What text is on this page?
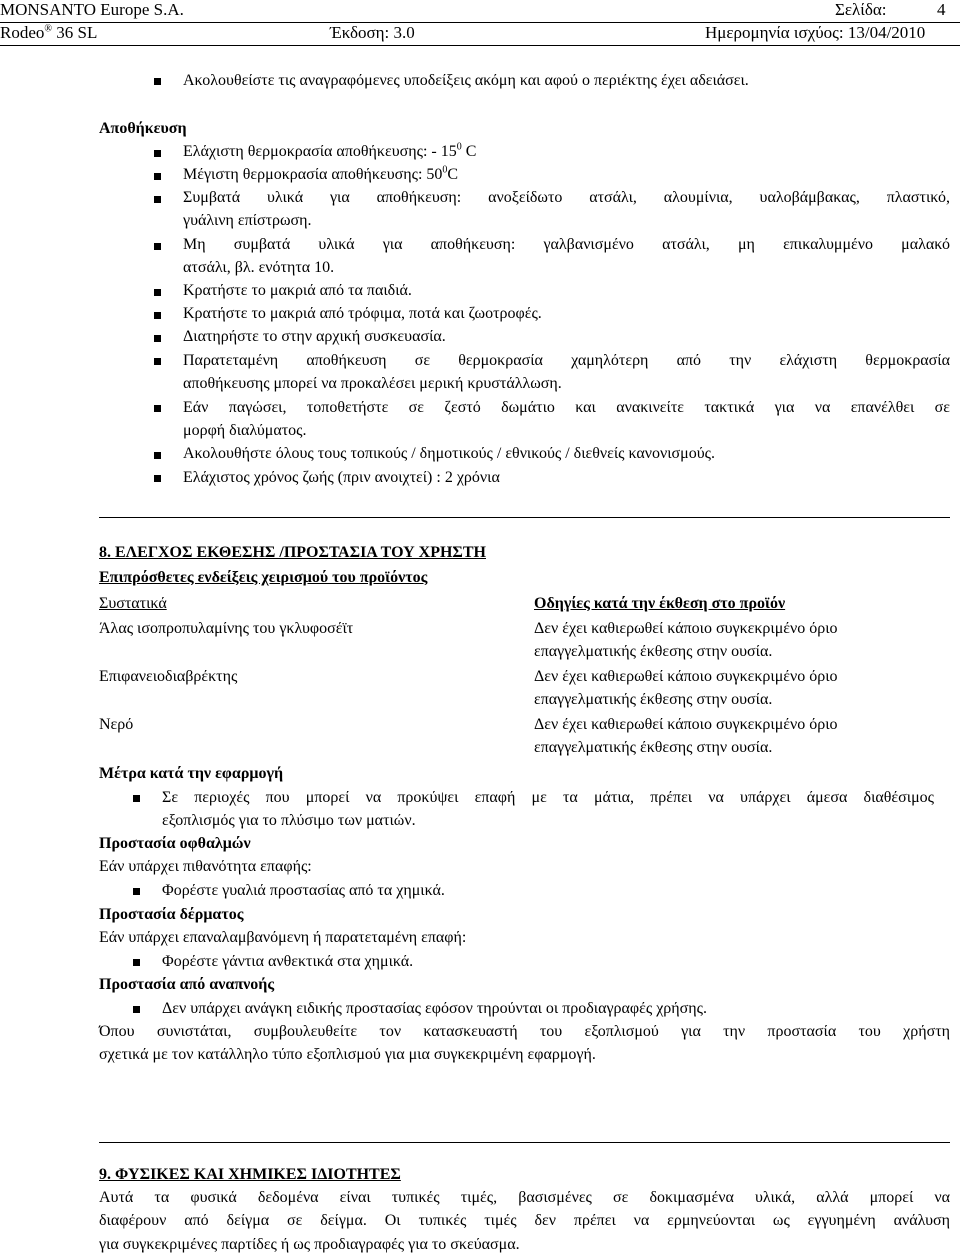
MONSANTO Europe S.A.	Σελίδα:	4
Rodeo® 36 SL	Έκδοση: 3.0	Ημερομηνία ισχύος: 13/04/2010
Ακολουθείστε τις αναγραφόμενες υποδείξεις ακόμη και αφού ο περιέκτης έχει αδειάσει.
Αποθήκευση
Ελάχιστη θερμοκρασία αποθήκευσης: - $15^0$ C
Μέγιστη θερμοκρασία αποθήκευσης: $50^0C$
Συμβατά υλικά για αποθήκευση: ανοξείδωτο ατσάλι, αλουμίνια, υαλοβάμβακας, πλαστικό,
γυάλινη επίστρωση.
Μη συμβατά υλικά για αποθήκευση: γαλβανισμένο ατσάλι, μη επικαλυμμένο μαλακό
ατσάλι, βλ. ενότητα 10.
Κρατήστε το μακριά από τα παιδιά.
Κρατήστε το μακριά από τρόφιμα, ποτά και ζωοτροφές.
Διατηρήστε το στην αρχική συσκευασία.
Παρατεταμένη αποθήκευση σε θερμοκρασία χαμηλότερη από την ελάχιστη θερμοκρασία
αποθήκευσης μπορεί να προκαλέσει μερική κρυστάλλωση.
Εάν παγώσει, τοποθετήστε σε ζεστό δωμάτιο και ανακινείτε τακτικά για να επανέλθει σε
μορφή διαλύματος.
Ακολουθήστε όλους τους τοπικούς / δημοτικούς / εθνικούς / διεθνείς κανονισμούς.
Ελάχιστος χρόνος ζωής (πριν ανοιχτεί) : 2 χρόνια
8. ΕΛΕΓΧΟΣ ΕΚΘΕΣΗΣ /ΠΡΟΣΤΑΣΙΑ ΤΟΥ ΧΡΗΣΤΗ
Επιπρόσθετες ενδείξεις χειρισμού του προϊόντος
Συστατικά	Οδηγίες κατά την έκθεση στο προϊόν
Άλας ισοπροπυλαμίνης του γκλυφοσέϊτ	Δεν έχει καθιερωθεί κάποιο συγκεκριμένο όριο
επαγγελματικής έκθεσης στην ουσία.
Επιφανειοδιαβρέκτης	Δεν έχει καθιερωθεί κάποιο συγκεκριμένο όριο
επαγγελματικής έκθεσης στην ουσία.
Νερό	Δεν έχει καθιερωθεί κάποιο συγκεκριμένο όριο
επαγγελματικής έκθεσης στην ουσία.
Μέτρα κατά την εφαρμογή
Σε περιοχές που μπορεί να προκύψει επαφή με τα μάτια, πρέπει να υπάρχει άμεσα διαθέσιμος
εξοπλισμός για το πλύσιμο των ματιών.
Προστασία οφθαλμών
Εάν υπάρχει πιθανότητα επαφής:
Φορέστε γυαλιά προστασίας από τα χημικά.
Προστασία δέρματος
Εάν υπάρχει επαναλαμβανόμενη ή παρατεταμένη επαφή:
Φορέστε γάντια ανθεκτικά στα χημικά.
Προστασία από αναπνοής
Δεν υπάρχει ανάγκη ειδικής προστασίας εφόσον τηρούνται οι προδιαγραφές χρήσης.
Όπου συνιστάται, συμβουλευθείτε τον κατασκευαστή του εξοπλισμού για την προστασία του χρήστη
σχετικά με τον κατάλληλο τύπο εξοπλισμού για μια συγκεκριμένη εφαρμογή.
9. ΦΥΣΙΚΕΣ ΚΑΙ ΧΗΜΙΚΕΣ ΙΔΙΟΤΗΤΕΣ
Αυτά τα φυσικά δεδομένα είναι τυπικές τιμές, βασισμένες σε δοκιμασμένα υλικά, αλλά μπορεί να
διαφέρουν από δείγμα σε δείγμα. Οι τυπικές τιμές δεν πρέπει να ερμηνεύονται ως εγγυημένη ανάλυση
για συγκεκριμένες παρτίδες ή ως προδιαγραφές για το σκεύασμα.
